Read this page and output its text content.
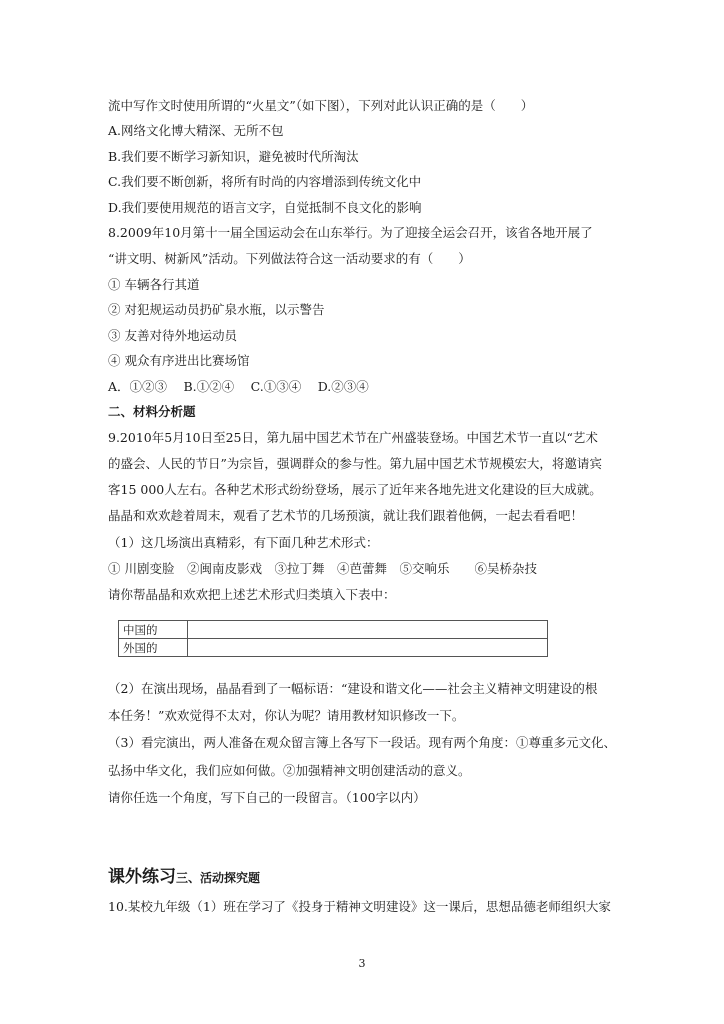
流中写作文时使用所谓的“火星文”（如下图），下列对此认识正确的是（　　）
A.网络文化博大精深、无所不包
B.我们要不断学习新知识，避免被时代所淘汰
C.我们要不断创新，将所有时尚的内容增添到传统文化中
D.我们要使用规范的语言文字，自觉抵制不良文化的影响
8.2009年10月第十一届全国运动会在山东举行。为了迎接全运会召开，该省各地开展了
“讲文明、树新风”活动。下列做法符合这一活动要求的有（　　）
① 车辆各行其道
② 对犯规运动员扔矿泉水瓶，以示警告
③ 友善对待外地运动员
④ 观众有序进出比赛场馆
A．①②③　 B.①②④　 C.①③④　 D.②③④
二、材料分析题
9.2010年5月10日至25日，第九届中国艺术节在广州盛装登场。中国艺术节一直以“艺术
的盛会、人民的节日”为宗旨，强调群众的参与性。第九届中国艺术节规模宏大，将邀请宾
客15 000人左右。各种艺术形式纷纷登场，展示了近年来各地先进文化建设的巨大成就。
晶晶和欢欢趁着周末，观看了艺术节的几场预演，就让我们跟着他俩，一起去看看吧！
（1）这几场演出真精彩，有下面几种艺术形式：
① 川剧变脸　②闽南皮影戏　③拉丁舞　④芭蕾舞　⑤交响乐　　⑥吴桥杂技
请你帮晶晶和欢欢把上述艺术形式归类填入下表中：
中国的	
外国的	
（2）在演出现场，晶晶看到了一幅标语：“建设和谐文化——社会主义精神文明建设的根
本任务！”欢欢觉得不太对，你认为呢？请用教材知识修改一下。
（3）看完演出，两人准备在观众留言簿上各写下一段话。现有两个角度：①尊重多元文化、
弘扬中华文化，我们应如何做。②加强精神文明创建活动的意义。
请你任选一个角度，写下自己的一段留言。（100字以内）
课外练习三、活动探究题
10.某校九年级（1）班在学习了《投身于精神文明建设》这一课后，思想品德老师组织大家
3
